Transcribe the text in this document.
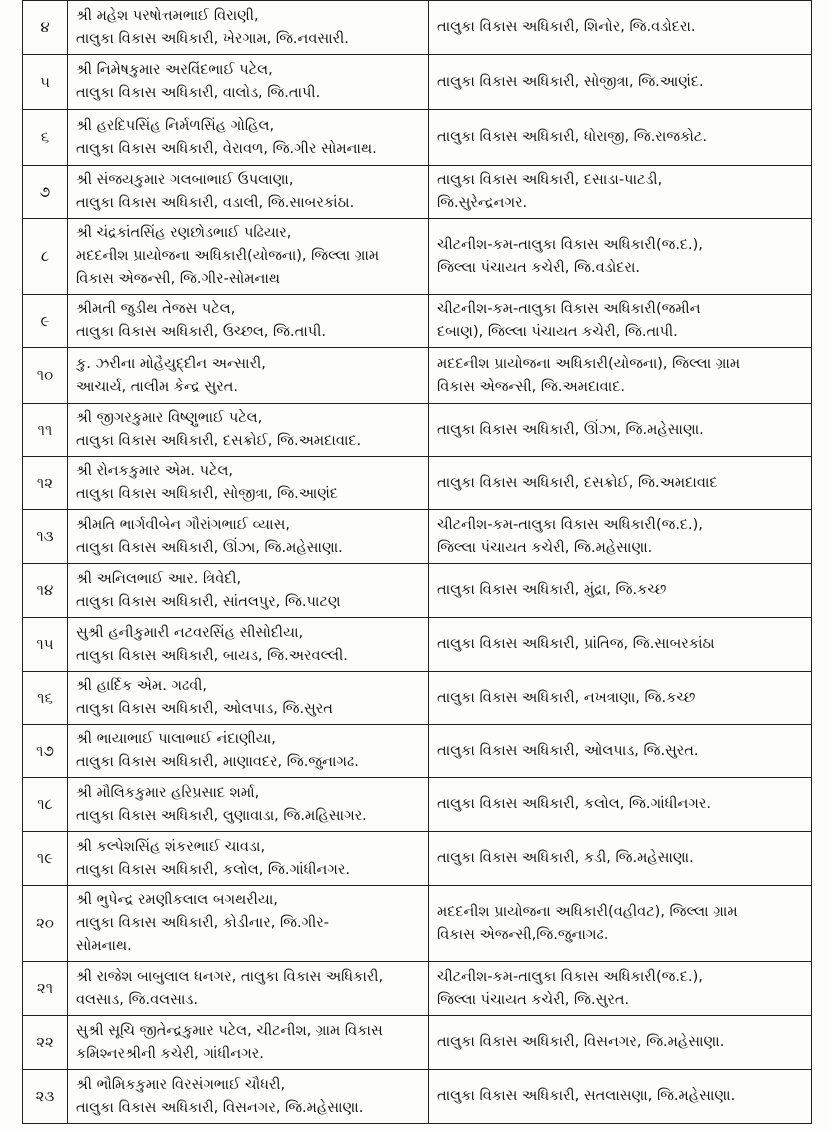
૪	શ્રી મહેશ પરષોત્તમભાઈ વિરાણી,
તાલુકા વિકાસ અધિકારી, ખેરગામ, જિ.નવસારી.	તાલુકા વિકાસ અધિકારી, શિનોર, જિ.વડોદરા.

૫	શ્રી નિમેષકુમાર અરવિંદભાઈ પટેલ,
તાલુકા વિકાસ અધિકારી, વાલોડ, જિ.તાપી.	તાલુકા વિકાસ અધિકારી, સોજીત્રા, જિ.આણંદ.

૬	શ્રી હરદિપસિંહ નિર્મળસિંહ ગોહિલ,
તાલુકા વિકાસ અધિકારી, વેરાવળ, જિ.ગીર સોમનાથ.	તાલુકા વિકાસ અધિકારી, ધોરાજી, જિ.રાજકોટ.

૭	શ્રી સંજયકુમાર ગલબાભાઈ ઉપલાણા,
તાલુકા વિકાસ અધિકારી, વડાલી, જિ.સાબરકાંઠા.	તાલુકા વિકાસ અધિકારી, દસાડા-પાટડી,
જિ.સુરેન્દ્રનગર.

૮	શ્રી ચંદ્રકાંતસિંહ રણછોડભાઈ પઢિયાર,
મદદનીશ પ્રાયોજના અધિકારી(યોજના), જિલ્લા ગ્રામ
વિકાસ એજન્સી, જિ.ગીર-સોમનાથ	ચીટનીશ-કમ-તાલુકા વિકાસ અધિકારી(જ.દ.),
જિલ્લા પંચાયત કચેરી, જિ.વડોદરા.

૯	શ્રીમતી જુડીથ તેજસ પટેલ,
તાલુકા વિકાસ અધિકારી, ઉચ્છલ, જિ.તાપી.	ચીટનીશ-કમ-તાલુકા વિકાસ અધિકારી(જમીન
દબાણ), જિલ્લા પંચાયત કચેરી, જિ.તાપી.

૧૦	કુ. ઝરીના મોહૈયુદ્દીન અન્સારી,
આચાર્ય, તાલીમ કેન્દ્ર સુરત.	મદદનીશ પ્રાયોજના અધિકારી(યોજના), જિલ્લા ગ્રામ
વિકાસ એજન્સી, જિ.અમદાવાદ.

૧૧	શ્રી જીગરકુમાર વિષ્ણુભાઈ પટેલ,
તાલુકા વિકાસ અધિકારી, દસક્રોઈ, જિ.અમદાવાદ.	તાલુકા વિકાસ અધિકારી, ઊંઝા, જિ.મહેસાણા.

૧૨	શ્રી રોનકકુમાર એમ. પટેલ,
તાલુકા વિકાસ અધિકારી, સોજીત્રા, જિ.આણંદ	તાલુકા વિકાસ અધિકારી, દસક્રોઈ, જિ.અમદાવાદ

૧૩	શ્રીમતિ ભાર્ગવીબેન ગૌરાંગભાઈ વ્યાસ,
તાલુકા વિકાસ અધિકારી, ઊંઝા, જિ.મહેસાણા.	ચીટનીશ-કમ-તાલુકા વિકાસ અધિકારી(જ.દ.),
જિલ્લા પંચાયત કચેરી, જિ.મહેસાણા.

૧૪	શ્રી અનિલભાઈ આર. ત્રિવેદી,
તાલુકા વિકાસ અધિકારી, સાંતલપુર, જિ.પાટણ	તાલુકા વિકાસ અધિકારી, મુંદ્રા, જિ.કચ્છ

૧૫	સુશ્રી હનીકુમારી નટવરસિંહ સીસોદીયા,
તાલુકા વિકાસ અધિકારી, બાયડ, જિ.અરવલ્લી.	તાલુકા વિકાસ અધિકારી, પ્રાંતિજ, જિ.સાબરકાંઠા

૧૬	શ્રી હાર્દિક એમ. ગઢવી,
તાલુકા વિકાસ અધિકારી, ઓલપાડ, જિ.સુરત	તાલુકા વિકાસ અધિકારી, નખત્રાણા, જિ.કચ્છ

૧૭	શ્રી ભાયાભાઈ પાલાભાઈ નંદાણીયા,
તાલુકા વિકાસ અધિકારી, માણાવદર, જિ.જુનાગઢ.	તાલુકા વિકાસ અધિકારી, ઓલપાડ, જિ.સુરત.

૧૮	શ્રી મૌલિકકુમાર હરિપ્રસાદ શર્મા,
તાલુકા વિકાસ અધિકારી, લુણાવાડા, જિ.મહિસાગર.	તાલુકા વિકાસ અધિકારી, કલોલ, જિ.ગાંધીનગર.

૧૯	શ્રી કલ્પેશસિંહ શંકરભાઈ ચાવડા,
તાલુકા વિકાસ અધિકારી, કલોલ, જિ.ગાંધીનગર.	તાલુકા વિકાસ અધિકારી, કડી, જિ.મહેસાણા.

૨૦	શ્રી ભુપેન્દ્ર રમણીકલાલ બગથરીયા,
તાલુકા વિકાસ અધિકારી, કોડીનાર, જિ.ગીર-
સોમનાથ.	મદદનીશ પ્રાયોજના અધિકારી(વહીવટ), જિલ્લા ગ્રામ
વિકાસ એજન્સી,જિ.જુનાગઢ.

૨૧	શ્રી રાજેશ બાબુલાલ ધનગર, તાલુકા વિકાસ અધિકારી,
વલસાડ, જિ.વલસાડ.	ચીટનીશ-કમ-તાલુકા વિકાસ અધિકારી(જ.દ.),
જિલ્લા પંચાયત કચેરી, જિ.સુરત.

૨૨	સુશ્રી સૂચિ જીતેન્દ્રકુમાર પટેલ, ચીટનીશ, ગ્રામ વિકાસ
કમિશ્નરશ્રીની કચેરી, ગાંધીનગર.	તાલુકા વિકાસ અધિકારી, વિસનગર, જિ.મહેસાણા.

૨૩	શ્રી ભૌમિકકુમાર વિરસંગભાઈ ચૌધરી,
તાલુકા વિકાસ અધિકારી, વિસનગર, જિ.મહેસાણા.	તાલુકા વિકાસ અધિકારી, સતલાસણા, જિ.મહેસાણા.
